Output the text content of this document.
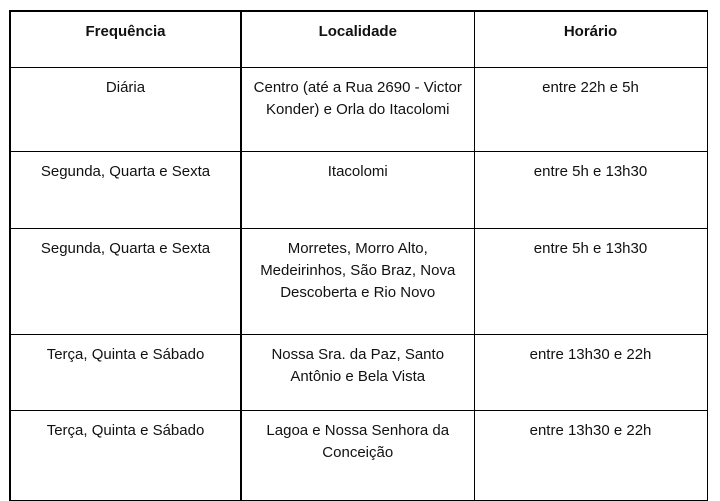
Frequência	Localidade	Horário
Diária	Centro (até a Rua 2690 - Victor Konder) e Orla do Itacolomi	entre 22h e 5h
Segunda, Quarta e Sexta	Itacolomi	entre 5h e 13h30
Segunda, Quarta e Sexta	Morretes, Morro Alto, Medeirinhos, São Braz, Nova Descoberta e Rio Novo	entre 5h e 13h30
Terça, Quinta e Sábado	Nossa Sra. da Paz, Santo Antônio e Bela Vista	entre 13h30 e 22h
Terça, Quinta e Sábado	Lagoa e Nossa Senhora da Conceição	entre 13h30 e 22h
